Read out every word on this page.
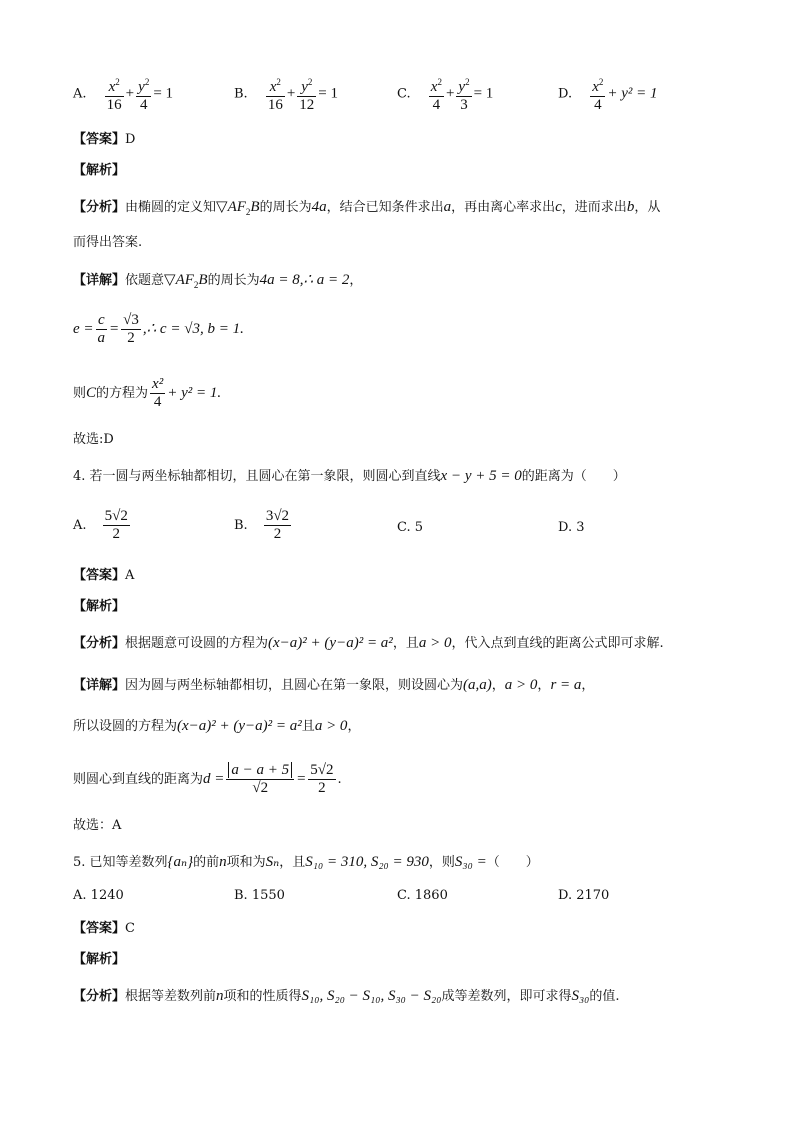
A. $\frac{x^2}{16} + \frac{y^2}{4} = 1$	B. $\frac{x^2}{16} + \frac{y^2}{12} = 1$	C. $\frac{x^2}{4} + \frac{y^2}{3} = 1$	D. $\frac{x^2}{4} + y^2 = 1$
【答案】D
【解析】
【分析】由椭圆的定义知$▽AF_2B$的周长为4a，结合已知条件求出a，再由离心率求出c，进而求出b，从
而得出答案.
【详解】依题意$▽AF_2B$的周长为4a = 8,∴ a = 2，
$e = \frac{c}{a} = \frac{√3}{2}$ ,∴ c = √3, b = 1.
则C的方程为 $\frac{\text{x²}}{4} + y^2 = 1$.
故选:D
4. 若一圆与两坐标轴都相切，且圆心在第一象限，则圆心到直线x − y + 5 = 0的距离为（　　）
A. $\frac{5√2}{2}$	B. $\frac{3√2}{2}$	C. 5	D. 3
【答案】A
【解析】
【分析】根据题意可设圆的方程为(x−a)² + (y−a)² = a²，且a > 0，代入点到直线的距离公式即可求解.
【详解】因为圆与两坐标轴都相切，且圆心在第一象限，则设圆心为(a,a)，a > 0，r = a，
所以设圆的方程为(x−a)² + (y−a)² = a²且a > 0，
则圆心到直线的距离为$d = \frac{a - a + 5}{√2} = \frac{5√2}{2}$ .
故选：A
5. 已知等差数列{aₙ}的前n项和为Sₙ，且S₁₀ = 310, S₂₀ = 930，则S₃₀ =（　　）
A. 1240	B. 1550	C. 1860	D. 2170
【答案】C
【解析】
【分析】根据等差数列前n项和的性质得S₁₀, S₂₀ − S₁₀, S₃₀ − S₂₀成等差数列，即可求得S₃₀的值.
